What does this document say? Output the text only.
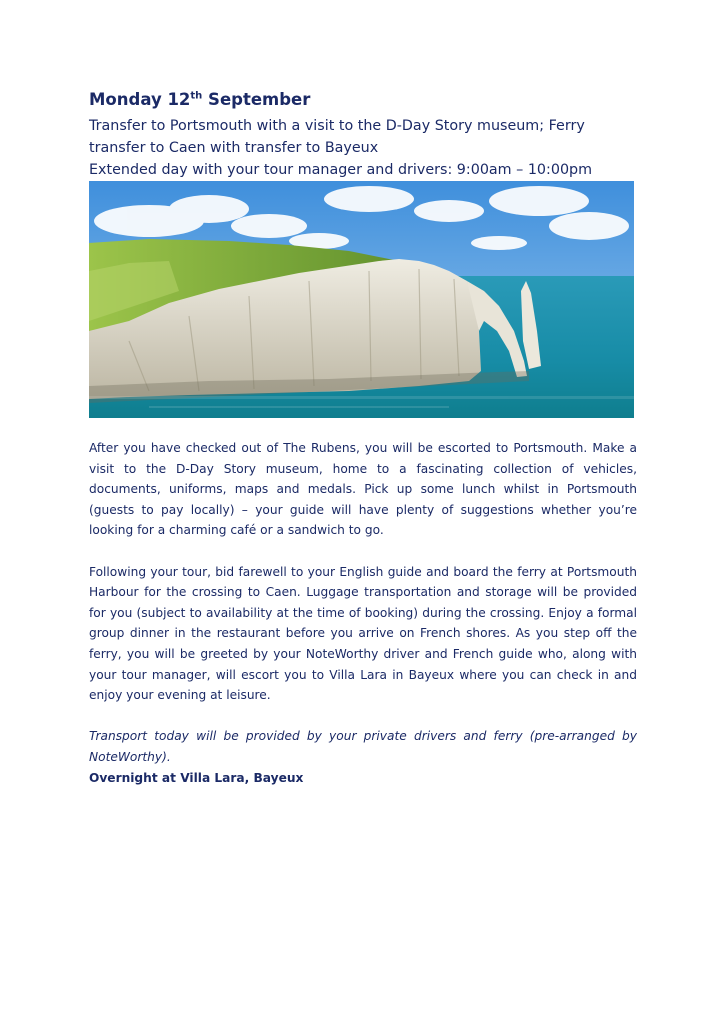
Monday 12th September

Transfer to Portsmouth with a visit to the D-Day Story museum; Ferry transfer to Caen with transfer to Bayeux

Extended day with your tour manager and drivers: 9:00am – 10:00pm

After you have checked out of The Rubens, you will be escorted to Portsmouth. Make a visit to the D-Day Story museum, home to a fascinating collection of vehicles, documents, uniforms, maps and medals. Pick up some lunch whilst in Portsmouth (guests to pay locally) – your guide will have plenty of suggestions whether you’re looking for a charming café or a sandwich to go.

Following your tour, bid farewell to your English guide and board the ferry at Portsmouth Harbour for the crossing to Caen. Luggage transportation and storage will be provided for you (subject to availability at the time of booking) during the crossing. Enjoy a formal group dinner in the restaurant before you arrive on French shores. As you step off the ferry, you will be greeted by your NoteWorthy driver and French guide who, along with your tour manager, will escort you to Villa Lara in Bayeux where you can check in and enjoy your evening at leisure.

Transport today will be provided by your private drivers and ferry (pre-arranged by NoteWorthy).

Overnight at Villa Lara, Bayeux
